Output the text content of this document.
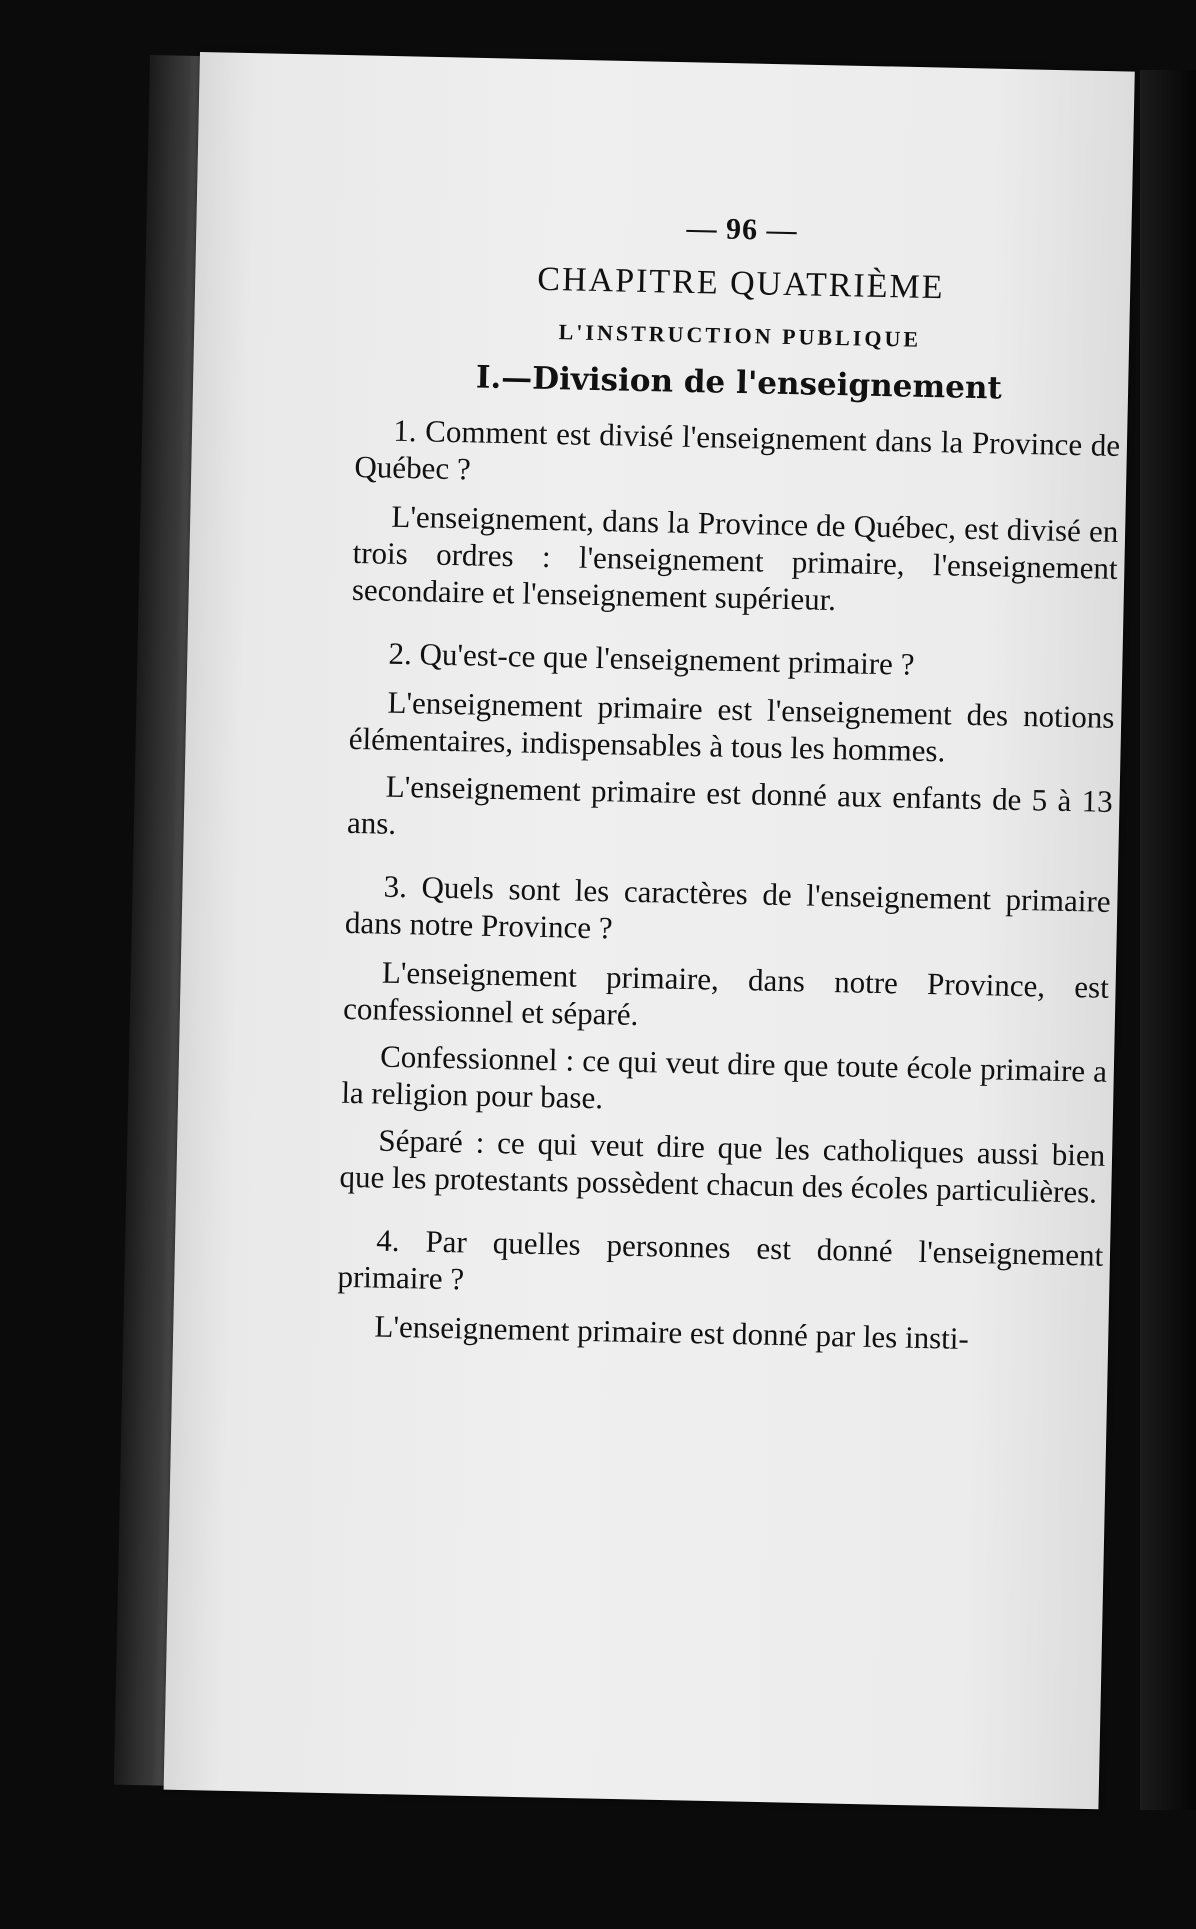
— 96 —
CHAPITRE QUATRIÈME
L'INSTRUCTION PUBLIQUE
I.—Division de l'enseignement

1. Comment est divisé l'enseignement dans la Province de Québec ?

L'enseignement, dans la Province de Québec, est divisé en trois ordres : l'enseignement primaire, l'enseignement secondaire et l'enseignement supérieur.

2. Qu'est-ce que l'enseignement primaire ?

L'enseignement primaire est l'enseignement des notions élémentaires, indispensables à tous les hommes.

L'enseignement primaire est donné aux enfants de 5 à 13 ans.

3. Quels sont les caractères de l'enseignement primaire dans notre Province ?

L'enseignement primaire, dans notre Province, est confessionnel et séparé.

Confessionnel : ce qui veut dire que toute école primaire a la religion pour base.

Séparé : ce qui veut dire que les catholiques aussi bien que les protestants possèdent chacun des écoles particulières.

4. Par quelles personnes est donné l'enseignement primaire ?

L'enseignement primaire est donné par les insti-
